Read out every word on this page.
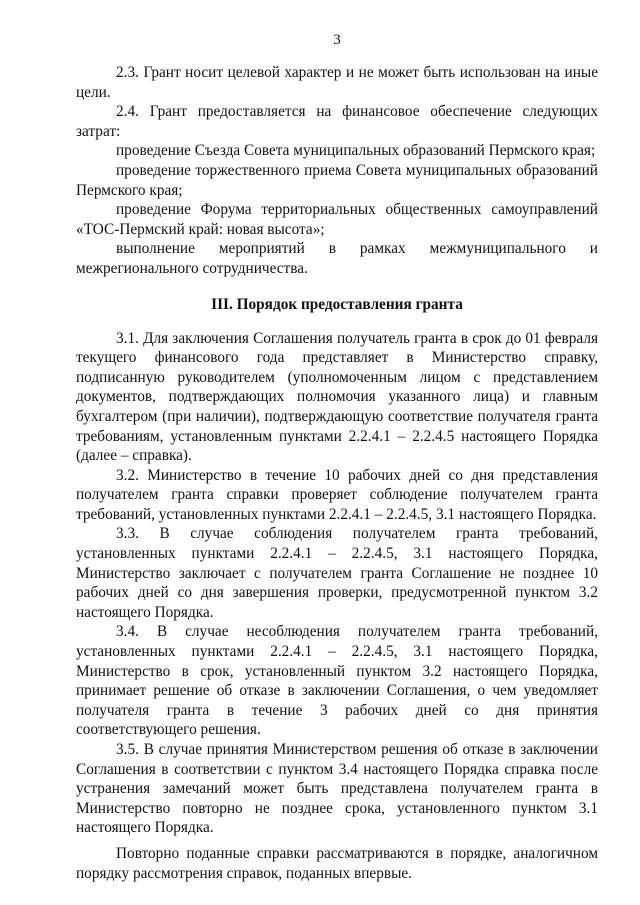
3

2.3. Грант носит целевой характер и не может быть использован на иные цели.

2.4. Грант предоставляется на финансовое обеспечение следующих затрат:

проведение Съезда Совета муниципальных образований Пермского края;

проведение торжественного приема Совета муниципальных образований Пермского края;

проведение Форума территориальных общественных самоуправлений «ТОС-Пермский край: новая высота»;

выполнение мероприятий в рамках межмуниципального и межрегионального сотрудничества.

III. Порядок предоставления гранта

3.1. Для заключения Соглашения получатель гранта в срок до 01 февраля текущего финансового года представляет в Министерство справку, подписанную руководителем (уполномоченным лицом с представлением документов, подтверждающих полномочия указанного лица) и главным бухгалтером (при наличии), подтверждающую соответствие получателя гранта требованиям, установленным пунктами 2.2.4.1 – 2.2.4.5 настоящего Порядка (далее – справка).

3.2. Министерство в течение 10 рабочих дней со дня представления получателем гранта справки проверяет соблюдение получателем гранта требований, установленных пунктами 2.2.4.1 – 2.2.4.5, 3.1 настоящего Порядка.

3.3. В случае соблюдения получателем гранта требований, установленных пунктами 2.2.4.1 – 2.2.4.5, 3.1 настоящего Порядка, Министерство заключает с получателем гранта Соглашение не позднее 10 рабочих дней со дня завершения проверки, предусмотренной пунктом 3.2 настоящего Порядка.

3.4. В случае несоблюдения получателем гранта требований, установленных пунктами 2.2.4.1 – 2.2.4.5, 3.1 настоящего Порядка, Министерство в срок, установленный пунктом 3.2 настоящего Порядка, принимает решение об отказе в заключении Соглашения, о чем уведомляет получателя гранта в течение 3 рабочих дней со дня принятия соответствующего решения.

3.5. В случае принятия Министерством решения об отказе в заключении Соглашения в соответствии с пунктом 3.4 настоящего Порядка справка после устранения замечаний может быть представлена получателем гранта в Министерство повторно не позднее срока, установленного пунктом 3.1 настоящего Порядка.

Повторно поданные справки рассматриваются в порядке, аналогичном порядку рассмотрения справок, поданных впервые.
